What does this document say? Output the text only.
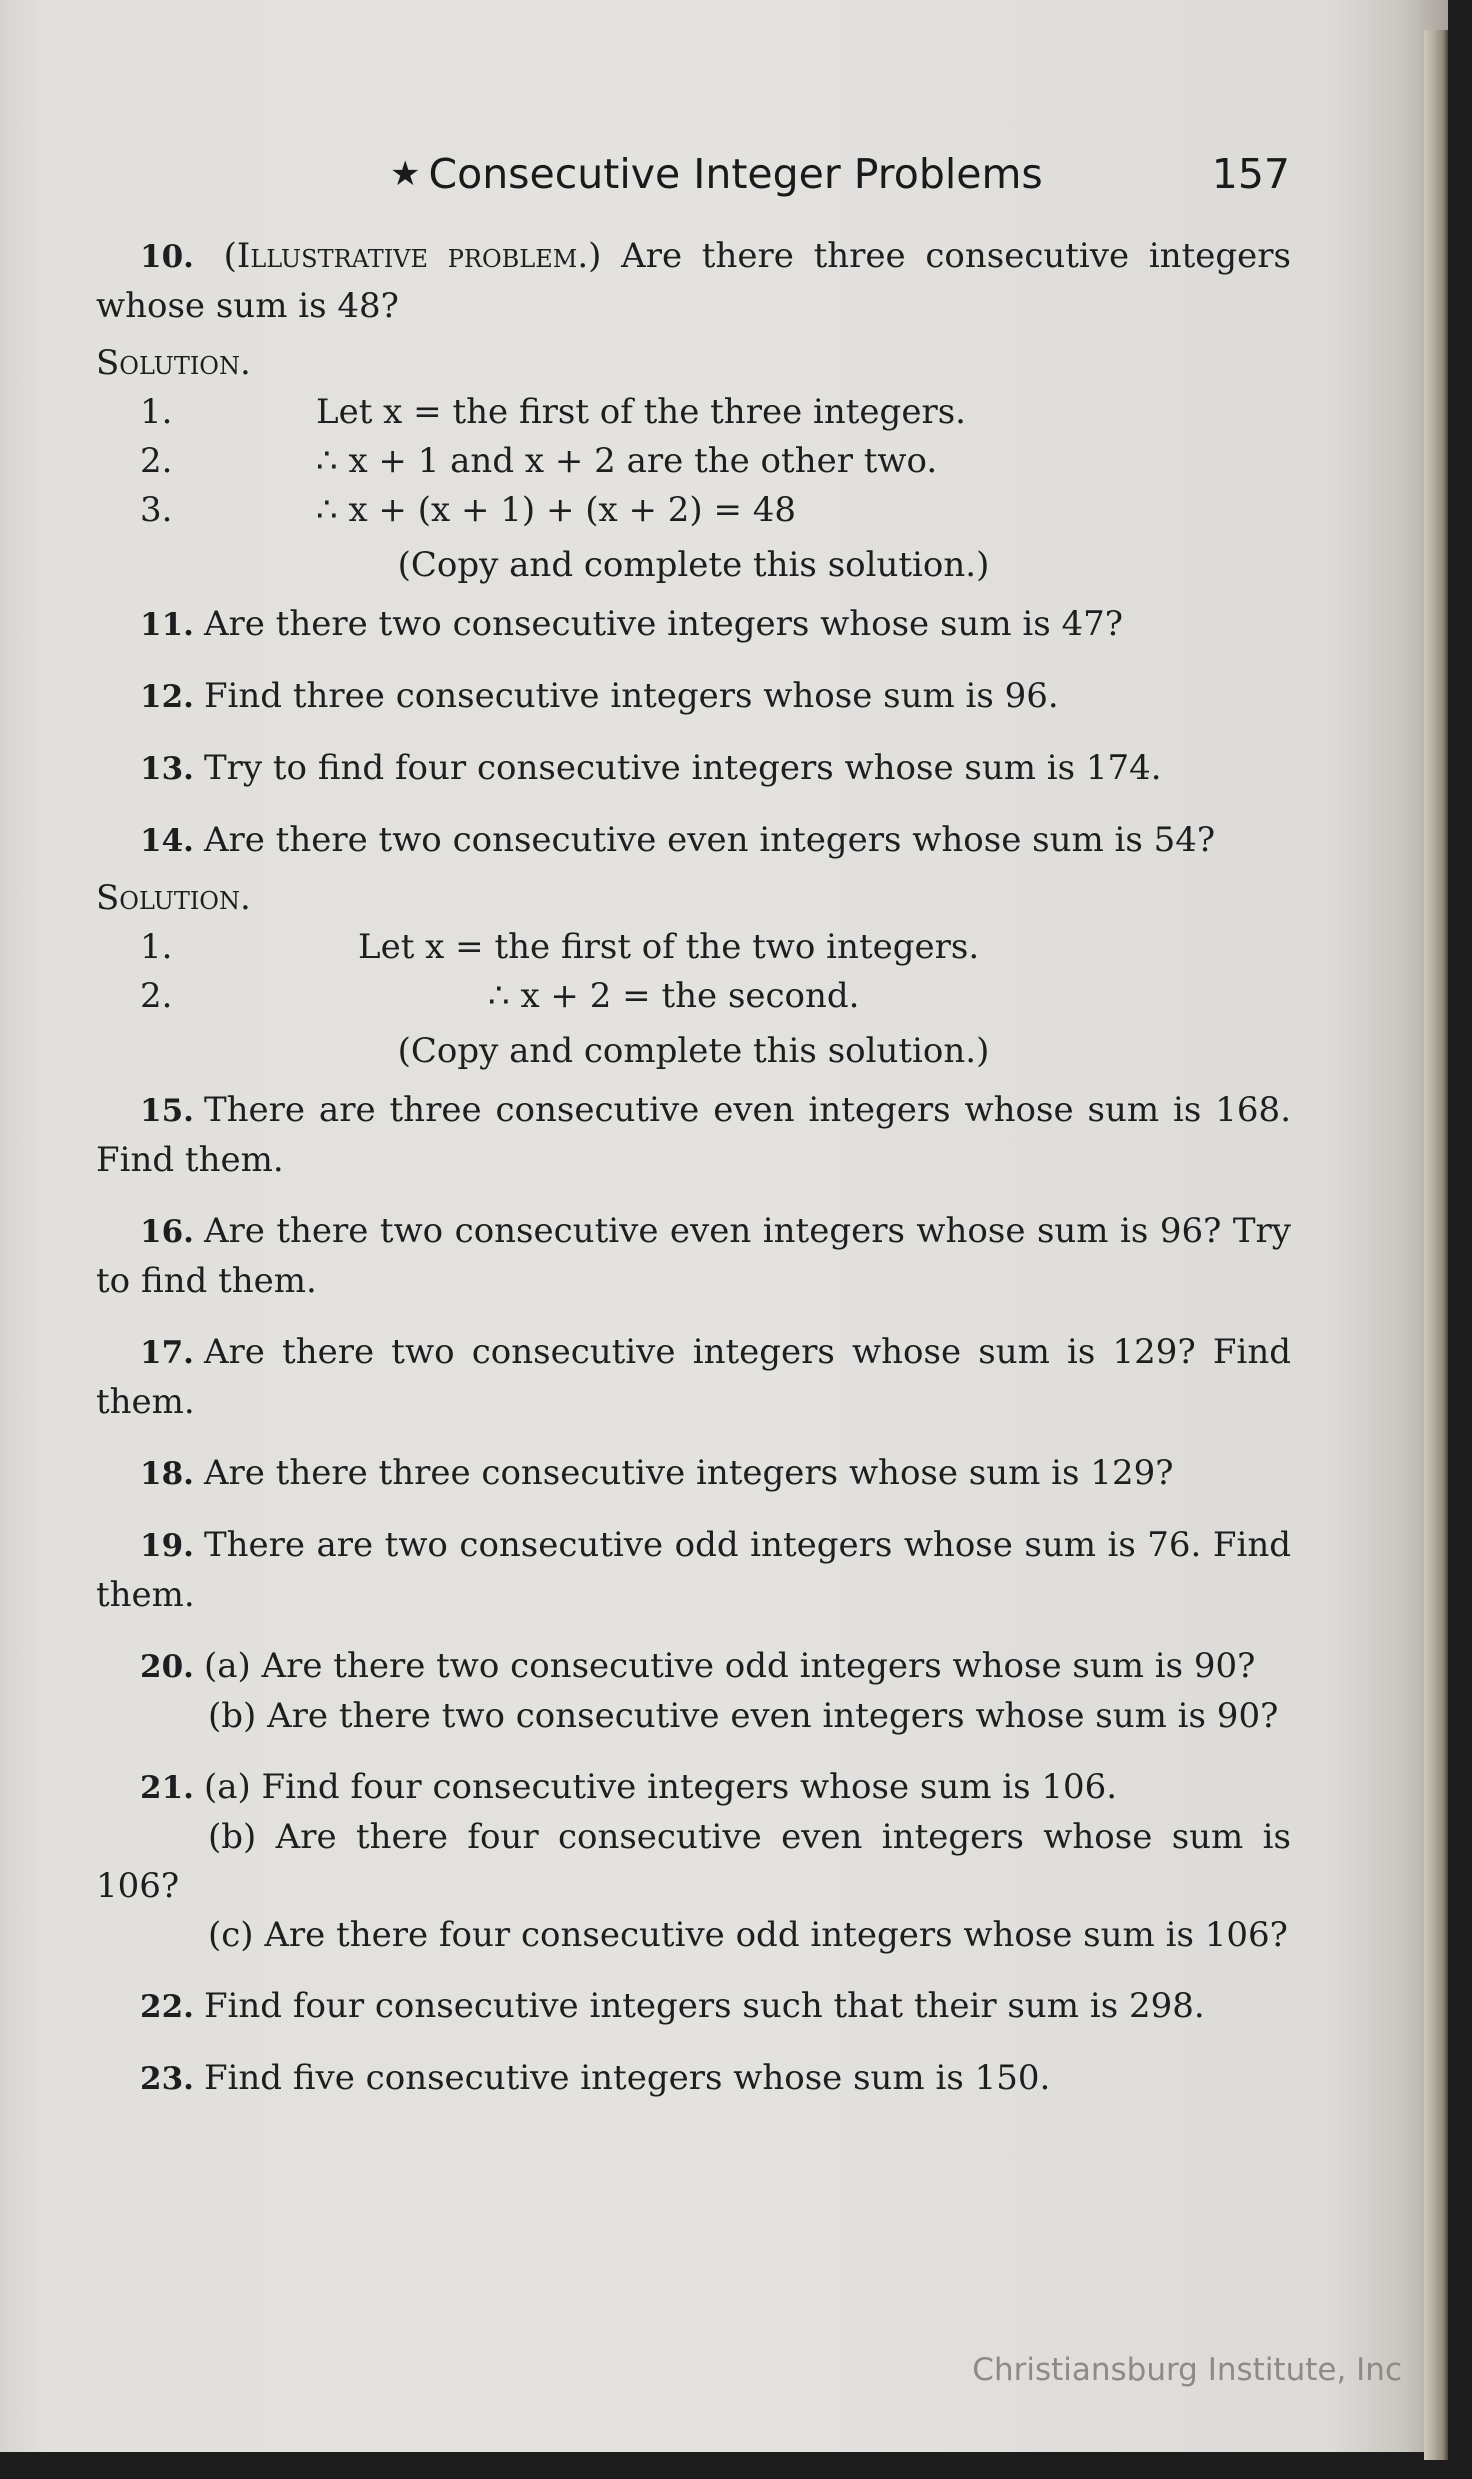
★ Consecutive Integer Problems	157
10. (Illustrative problem.) Are there three consecutive integers whose sum is 48?
Solution.
1.	Let x = the first of the three integers.
2.	∴ x + 1 and x + 2 are the other two.
3.	∴ x + (x + 1) + (x + 2) = 48
(Copy and complete this solution.)
11. Are there two consecutive integers whose sum is 47?
12. Find three consecutive integers whose sum is 96.
13. Try to find four consecutive integers whose sum is 174.
14. Are there two consecutive even integers whose sum is 54?
Solution.
1.	Let x = the first of the two integers.
2.	∴ x + 2 = the second.
(Copy and complete this solution.)
15. There are three consecutive even integers whose sum is 168. Find them.
16. Are there two consecutive even integers whose sum is 96? Try to find them.
17. Are there two consecutive integers whose sum is 129? Find them.
18. Are there three consecutive integers whose sum is 129?
19. There are two consecutive odd integers whose sum is 76. Find them.
20. (a) Are there two consecutive odd integers whose sum is 90?
(b) Are there two consecutive even integers whose sum is 90?
21. (a) Find four consecutive integers whose sum is 106.
(b) Are there four consecutive even integers whose sum is 106?
(c) Are there four consecutive odd integers whose sum is 106?
22. Find four consecutive integers such that their sum is 298.
23. Find five consecutive integers whose sum is 150.
Christiansburg Institute, Inc
